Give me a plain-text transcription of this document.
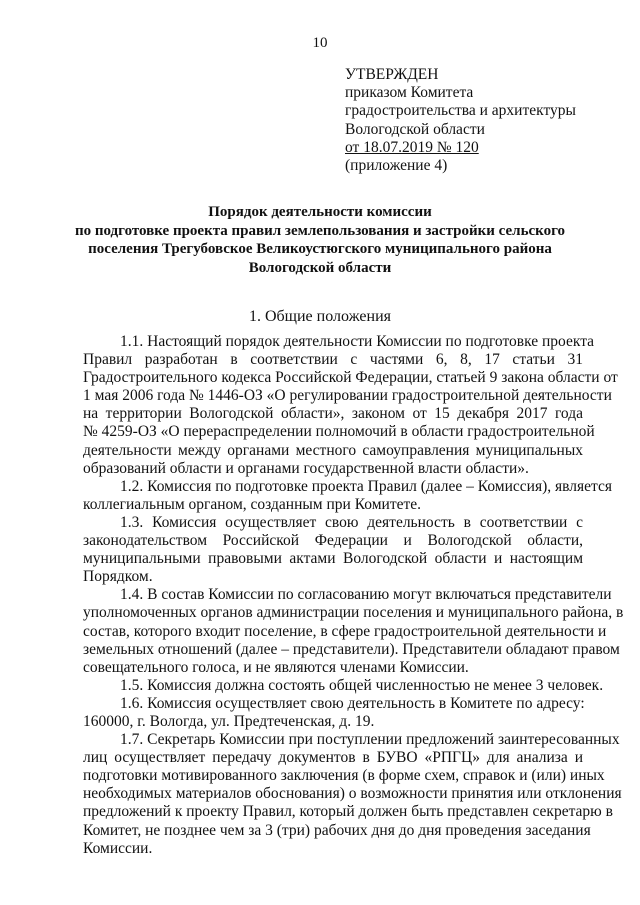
10
УТВЕРЖДЕН
приказом Комитета
градостроительства и архитектуры
Вологодской области
от 18.07.2019 № 120
(приложение 4)
Порядок деятельности комиссии
по подготовке проекта правил землепользования и застройки сельского
поселения Трегубовское Великоустюгского муниципального района
Вологодской области
1. Общие положения
1.1. Настоящий порядок деятельности Комиссии по подготовке проекта
Правил разработан в соответствии с частями 6, 8, 17 статьи 31
Градостроительного кодекса Российской Федерации, статьей 9 закона области от
1 мая 2006 года № 1446-ОЗ «О регулировании градостроительной деятельности
на территории Вологодской области», законом от 15 декабря 2017 года
№ 4259-ОЗ «О перераспределении полномочий в области градостроительной
деятельности между органами местного самоуправления муниципальных
образований области и органами государственной власти области».
1.2. Комиссия по подготовке проекта Правил (далее – Комиссия), является
коллегиальным органом, созданным при Комитете.
1.3. Комиссия осуществляет свою деятельность в соответствии с
законодательством Российской Федерации и Вологодской области,
муниципальными правовыми актами Вологодской области и настоящим
Порядком.
1.4. В состав Комиссии по согласованию могут включаться представители
уполномоченных органов администрации поселения и муниципального района, в
состав, которого входит поселение, в сфере градостроительной деятельности и
земельных отношений (далее – представители). Представители обладают правом
совещательного голоса, и не являются членами Комиссии.
1.5. Комиссия должна состоять общей численностью не менее 3 человек.
1.6. Комиссия осуществляет свою деятельность в Комитете по адресу:
160000, г. Вологда, ул. Предтеченская, д. 19.
1.7. Секретарь Комиссии при поступлении предложений заинтересованных
лиц осуществляет передачу документов в БУВО «РПГЦ» для анализа и
подготовки мотивированного заключения (в форме схем, справок и (или) иных
необходимых материалов обоснования) о возможности принятия или отклонения
предложений к проекту Правил, который должен быть представлен секретарю в
Комитет, не позднее чем за 3 (три) рабочих дня до дня проведения заседания
Комиссии.
